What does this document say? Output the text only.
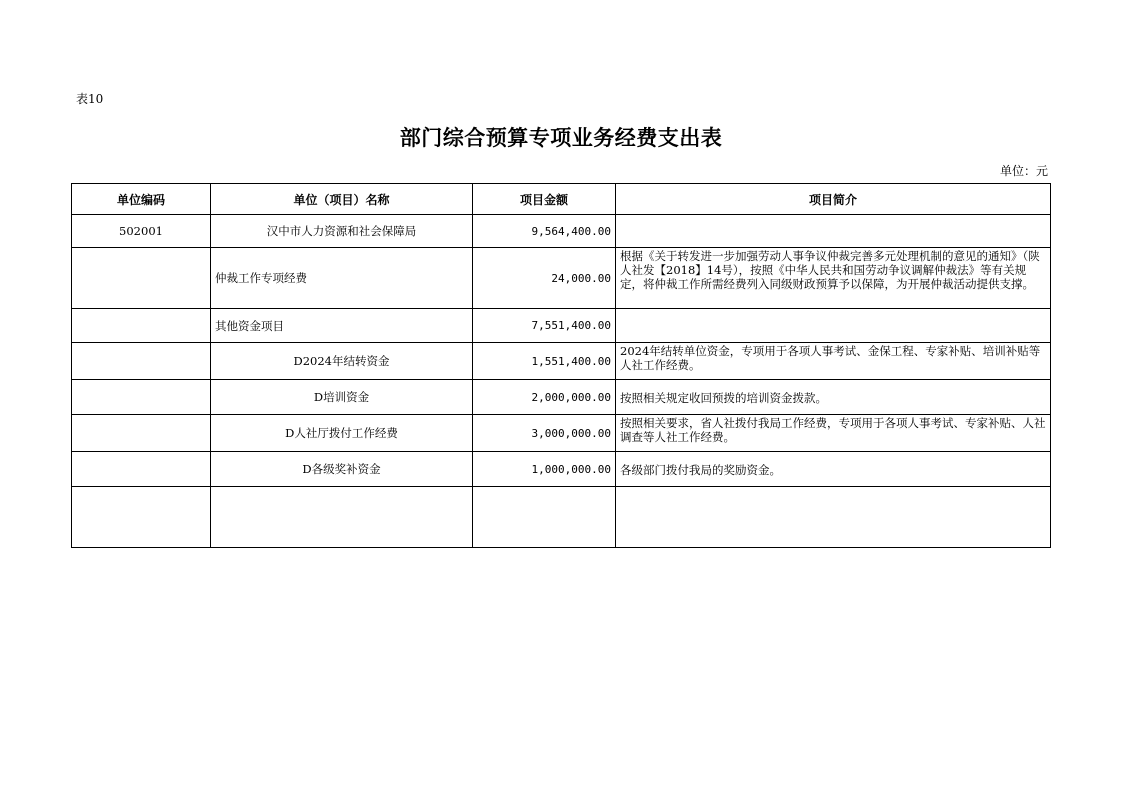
表10
部门综合预算专项业务经费支出表
单位：元
单位编码	单位（项目）名称	项目金额	项目简介
502001	汉中市人力资源和社会保障局	9,564,400.00	
	仲裁工作专项经费	24,000.00	根据《关于转发进一步加强劳动人事争议仲裁完善多元处理机制的意见的通知》（陕人社发【2018】14号），按照《中华人民共和国劳动争议调解仲裁法》等有关规定，将仲裁工作所需经费列入同级财政预算予以保障，为开展仲裁活动提供支撑。
	其他资金项目	7,551,400.00	
	D2024年结转资金	1,551,400.00	2024年结转单位资金，专项用于各项人事考试、金保工程、专家补贴、培训补贴等人社工作经费。
	D培训资金	2,000,000.00	按照相关规定收回预拨的培训资金拨款。
	D人社厅拨付工作经费	3,000,000.00	按照相关要求，省人社拨付我局工作经费，专项用于各项人事考试、专家补贴、人社调查等人社工作经费。
	D各级奖补资金	1,000,000.00	各级部门拨付我局的奖励资金。
